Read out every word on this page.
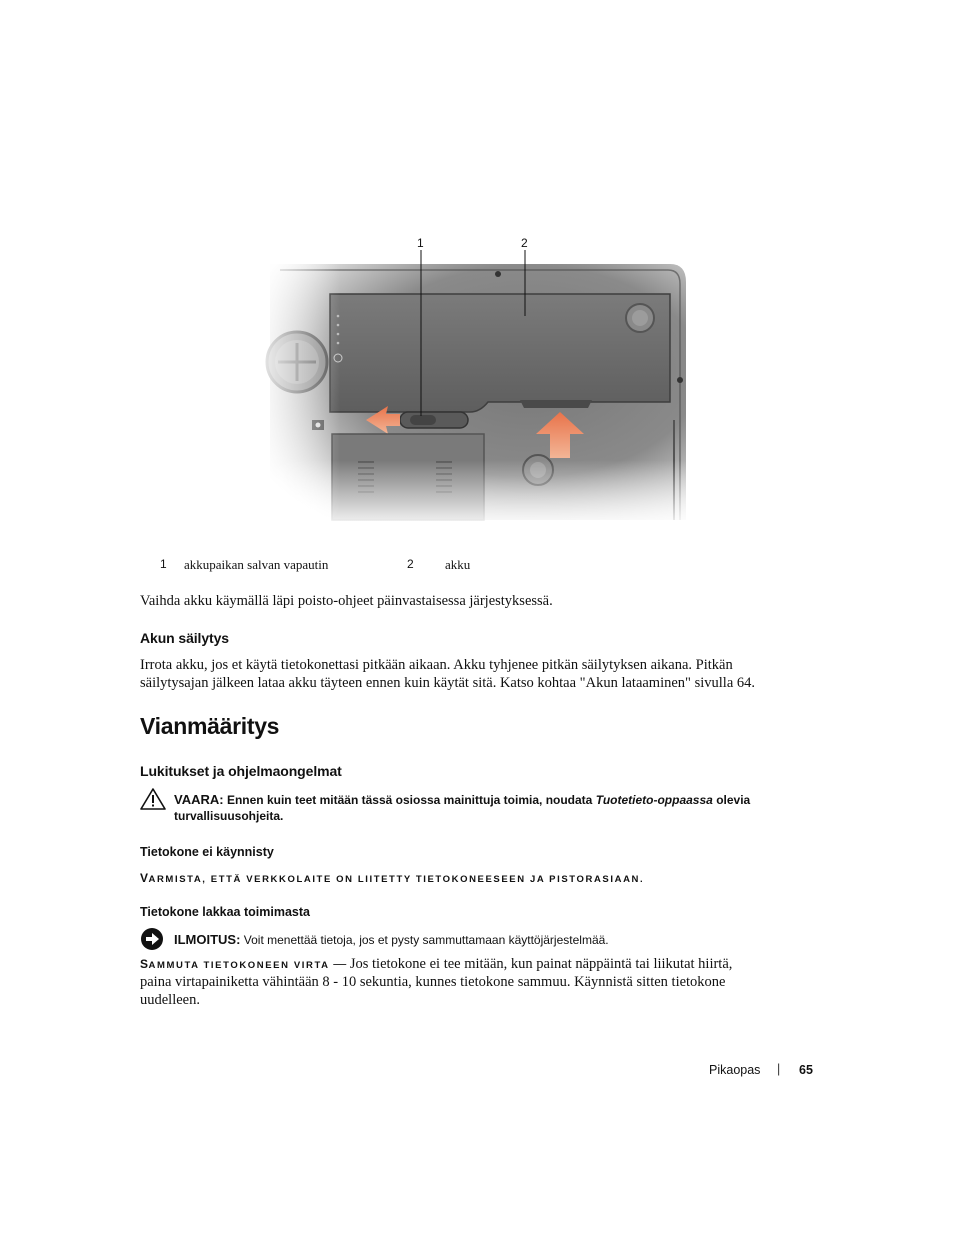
1	2
1 akkupaikan salvan vapautin	2 akku

Vaihda akku käymällä läpi poisto-ohjeet päinvastaisessa järjestyksessä.

Akun säilytys
Irrota akku, jos et käytä tietokonettasi pitkään aikaan. Akku tyhjenee pitkän säilytyksen aikana. Pitkän
säilytysajan jälkeen lataa akku täyteen ennen kuin käytät sitä. Katso kohtaa "Akun lataaminen" sivulla 64.
Vianmääritys
Lukitukset ja ohjelmaongelmat
VAARA: Ennen kuin teet mitään tässä osiossa mainittuja toimia, noudata Tuotetieto-oppaassa olevia
turvallisuusohjeita.
Tietokone ei käynnisty
VARMISTA, ETTÄ VERKKOLAITE ON LIITETTY TIETOKONEESEEN JA PISTORASIAAN.
Tietokone lakkaa toimimasta
ILMOITUS: Voit menettää tietoja, jos et pysty sammuttamaan käyttöjärjestelmää.
SAMMUTA TIETOKONEEN VIRTA — Jos tietokone ei tee mitään, kun painat näppäintä tai liikutat hiirtä,
paina virtapainiketta vähintään 8 - 10 sekuntia, kunnes tietokone sammuu. Käynnistä sitten tietokone
uudelleen.
Pikaopas | 65
